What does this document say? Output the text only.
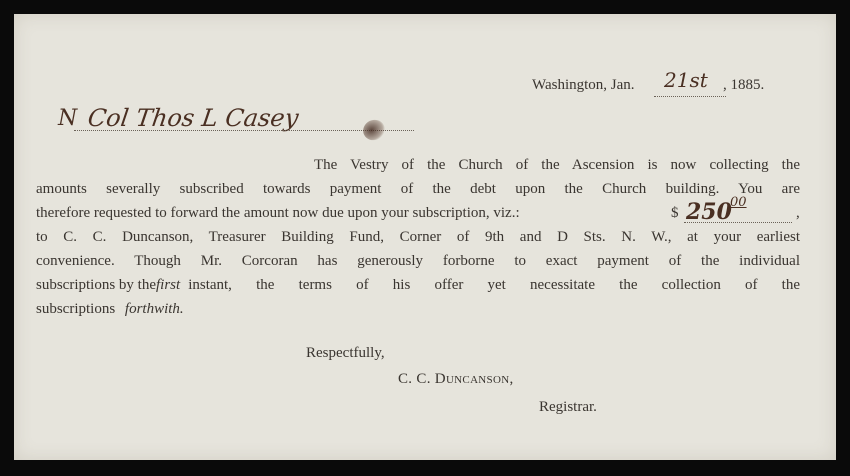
Washington, Jan. 21st , 1885.
N Col Thos L Casey
The Vestry of the Church of the Ascension is now collecting the
amounts severally subscribed towards payment of the debt upon the Church building. You are
therefore requested to forward the amount now due upon your subscription, viz.:	$ 250
00
,
to C. C. Duncanson, Treasurer Building Fund, Corner of 9th and D Sts. N. W., at your earliest
convenience. Though Mr. Corcoran has generously forborne to exact payment of the individual
subscriptions by the first instant, the terms of his offer yet necessitate the collection of the
subscriptions forthwith.
Respectfully,
C. C. Duncanson,
Registrar.
